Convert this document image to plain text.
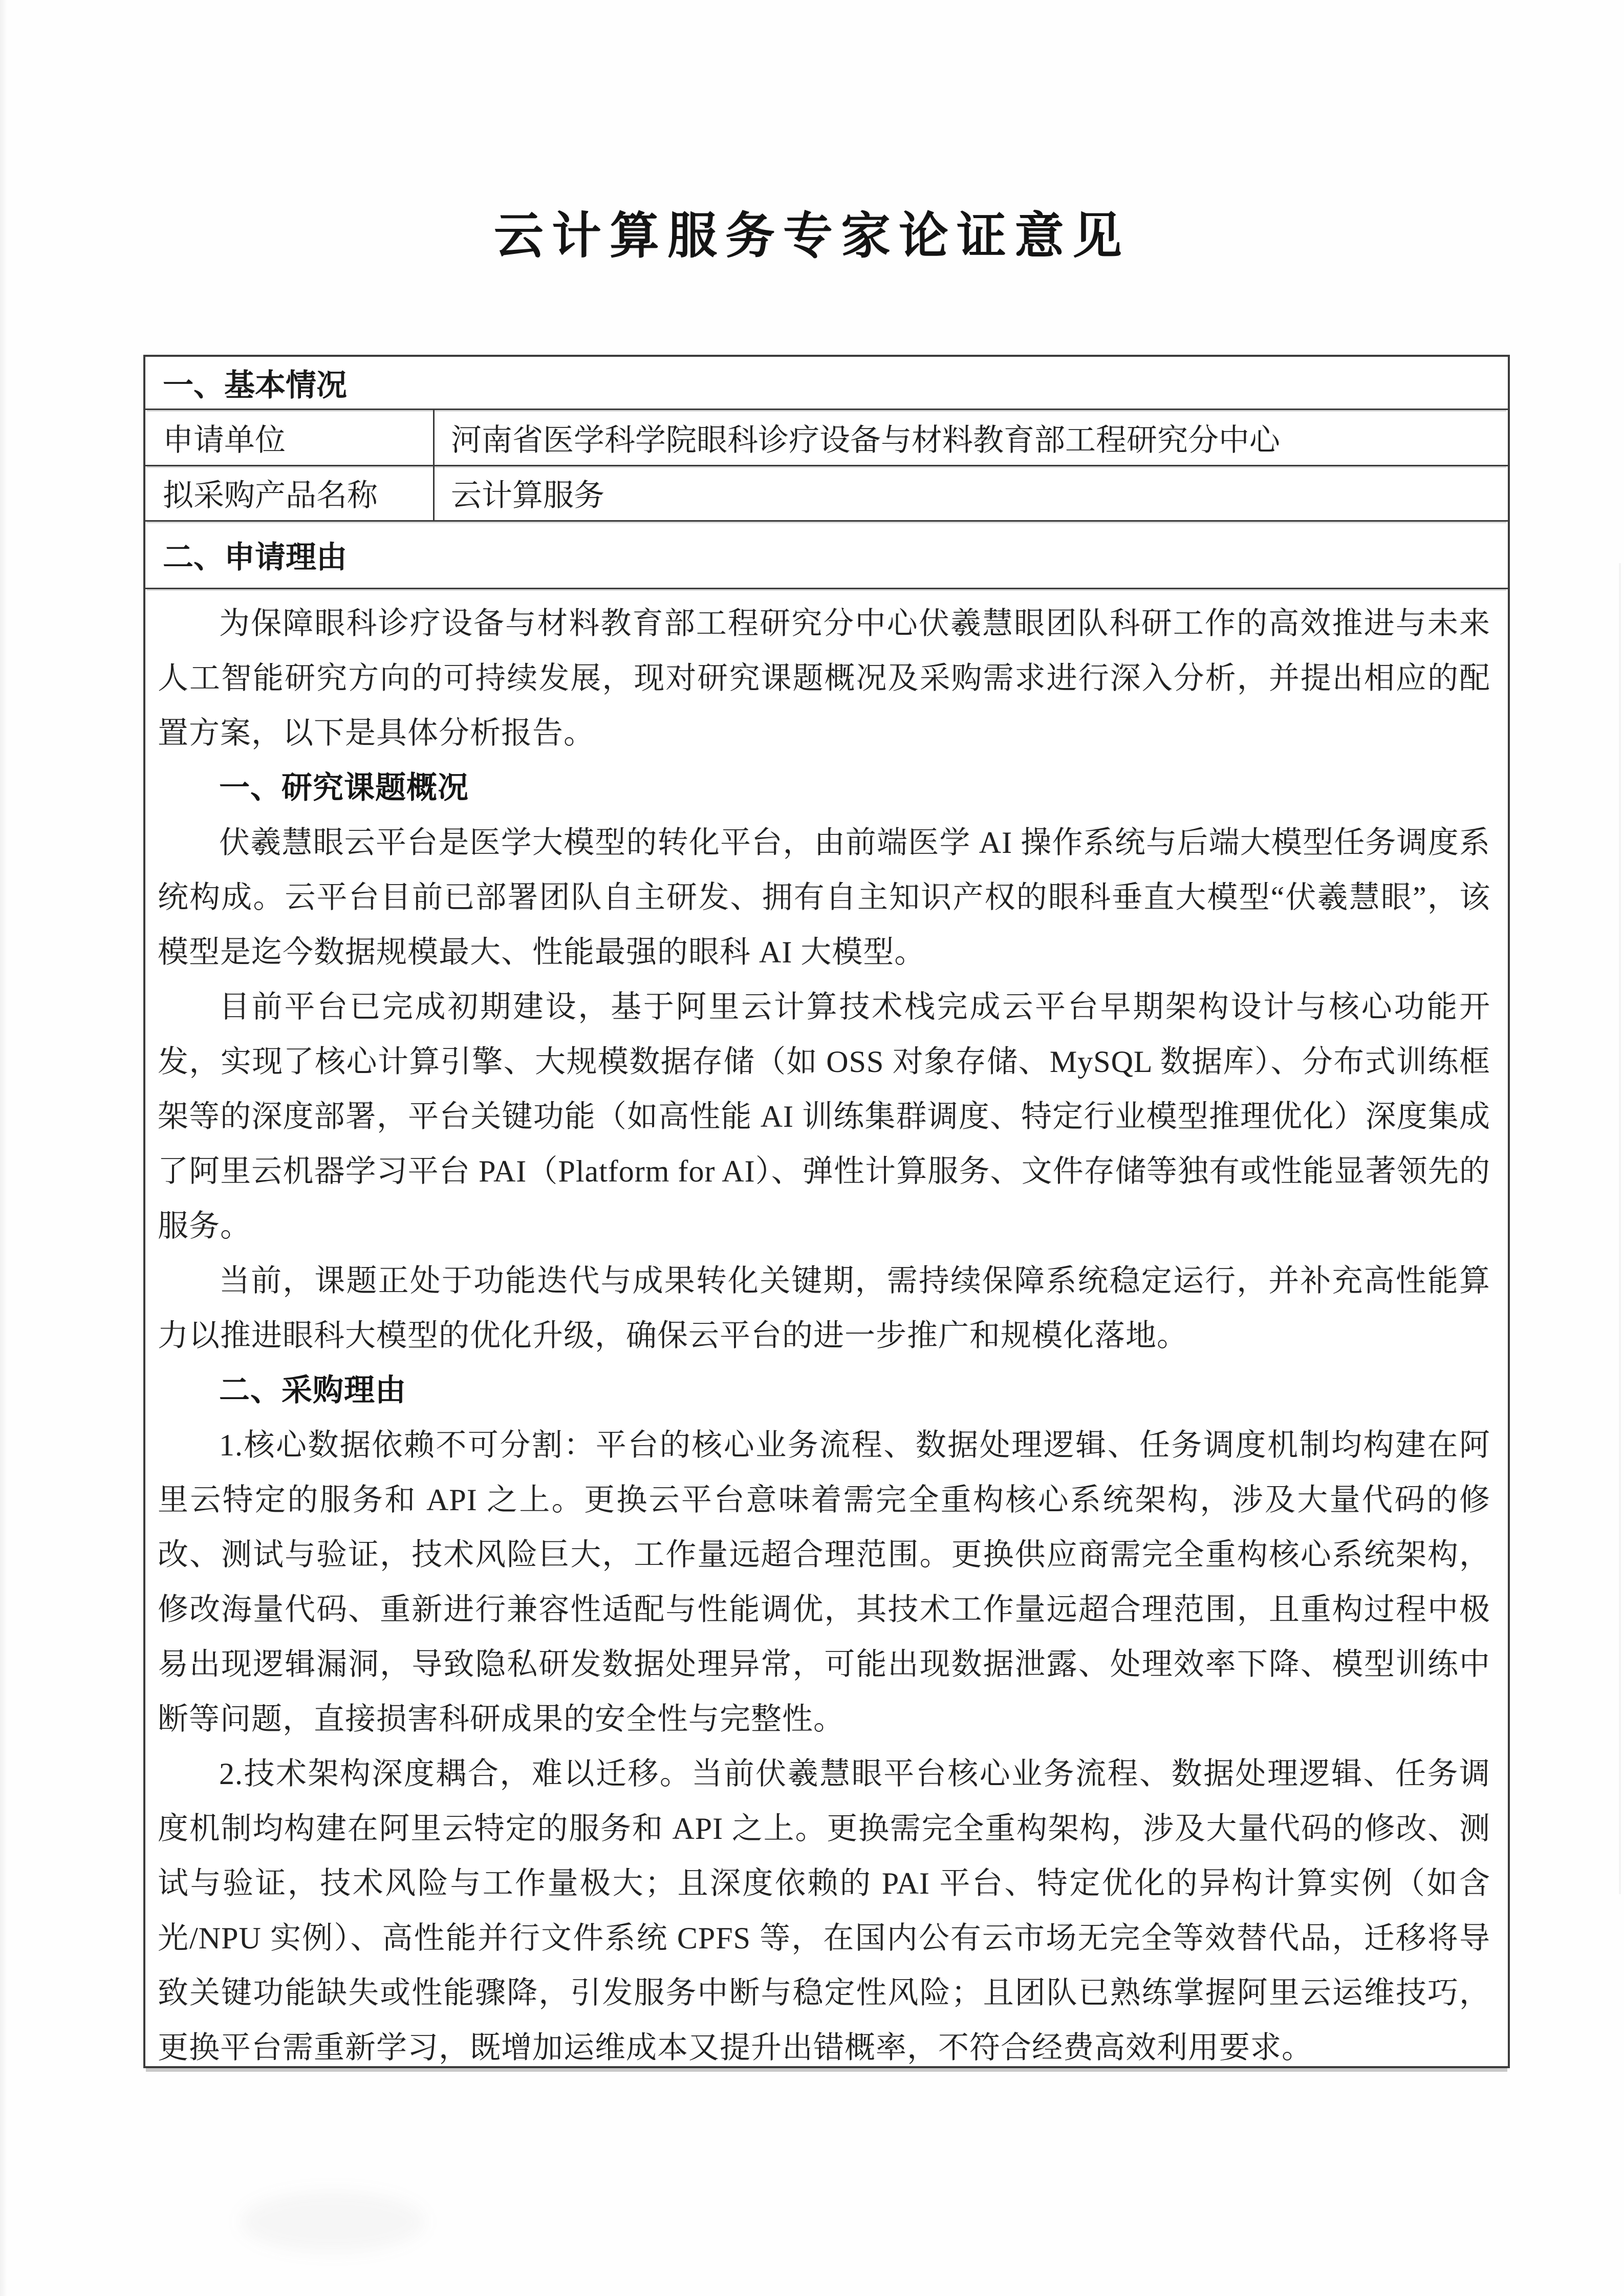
云计算服务专家论证意见
一、基本情况
申请单位	河南省医学科学院眼科诊疗设备与材料教育部工程研究分中心
拟采购产品名称	云计算服务
二、申请理由

为保障眼科诊疗设备与材料教育部工程研究分中心伏羲慧眼团队科研工作的高效推进与未来人工智能研究方向的可持续发展，现对研究课题概况及采购需求进行深入分析，并提出相应的配置方案，以下是具体分析报告。

一、研究课题概况

伏羲慧眼云平台是医学大模型的转化平台，由前端医学 AI 操作系统与后端大模型任务调度系统构成。云平台目前已部署团队自主研发、拥有自主知识产权的眼科垂直大模型“伏羲慧眼”，该模型是迄今数据规模最大、性能最强的眼科 AI 大模型。

目前平台已完成初期建设，基于阿里云计算技术栈完成云平台早期架构设计与核心功能开发，实现了核心计算引擎、大规模数据存储（如 OSS 对象存储、MySQL 数据库）、分布式训练框架等的深度部署，平台关键功能（如高性能 AI 训练集群调度、特定行业模型推理优化）深度集成了阿里云机器学习平台 PAI（Platform for AI）、弹性计算服务、文件存储等独有或性能显著领先的服务。

当前，课题正处于功能迭代与成果转化关键期，需持续保障系统稳定运行，并补充高性能算力以推进眼科大模型的优化升级，确保云平台的进一步推广和规模化落地。

二、采购理由

1.核心数据依赖不可分割：平台的核心业务流程、数据处理逻辑、任务调度机制均构建在阿里云特定的服务和 API 之上。更换云平台意味着需完全重构核心系统架构，涉及大量代码的修改、测试与验证，技术风险巨大，工作量远超合理范围。更换供应商需完全重构核心系统架构，修改海量代码、重新进行兼容性适配与性能调优，其技术工作量远超合理范围，且重构过程中极易出现逻辑漏洞，导致隐私研发数据处理异常，可能出现数据泄露、处理效率下降、模型训练中断等问题，直接损害科研成果的安全性与完整性。

2.技术架构深度耦合，难以迁移。当前伏羲慧眼平台核心业务流程、数据处理逻辑、任务调度机制均构建在阿里云特定的服务和 API 之上。更换需完全重构架构，涉及大量代码的修改、测试与验证，技术风险与工作量极大；且深度依赖的 PAI 平台、特定优化的异构计算实例（如含光/NPU 实例）、高性能并行文件系统 CPFS 等，在国内公有云市场无完全等效替代品，迁移将导致关键功能缺失或性能骤降，引发服务中断与稳定性风险；且团队已熟练掌握阿里云运维技巧，更换平台需重新学习，既增加运维成本又提升出错概率，不符合经费高效利用要求。
